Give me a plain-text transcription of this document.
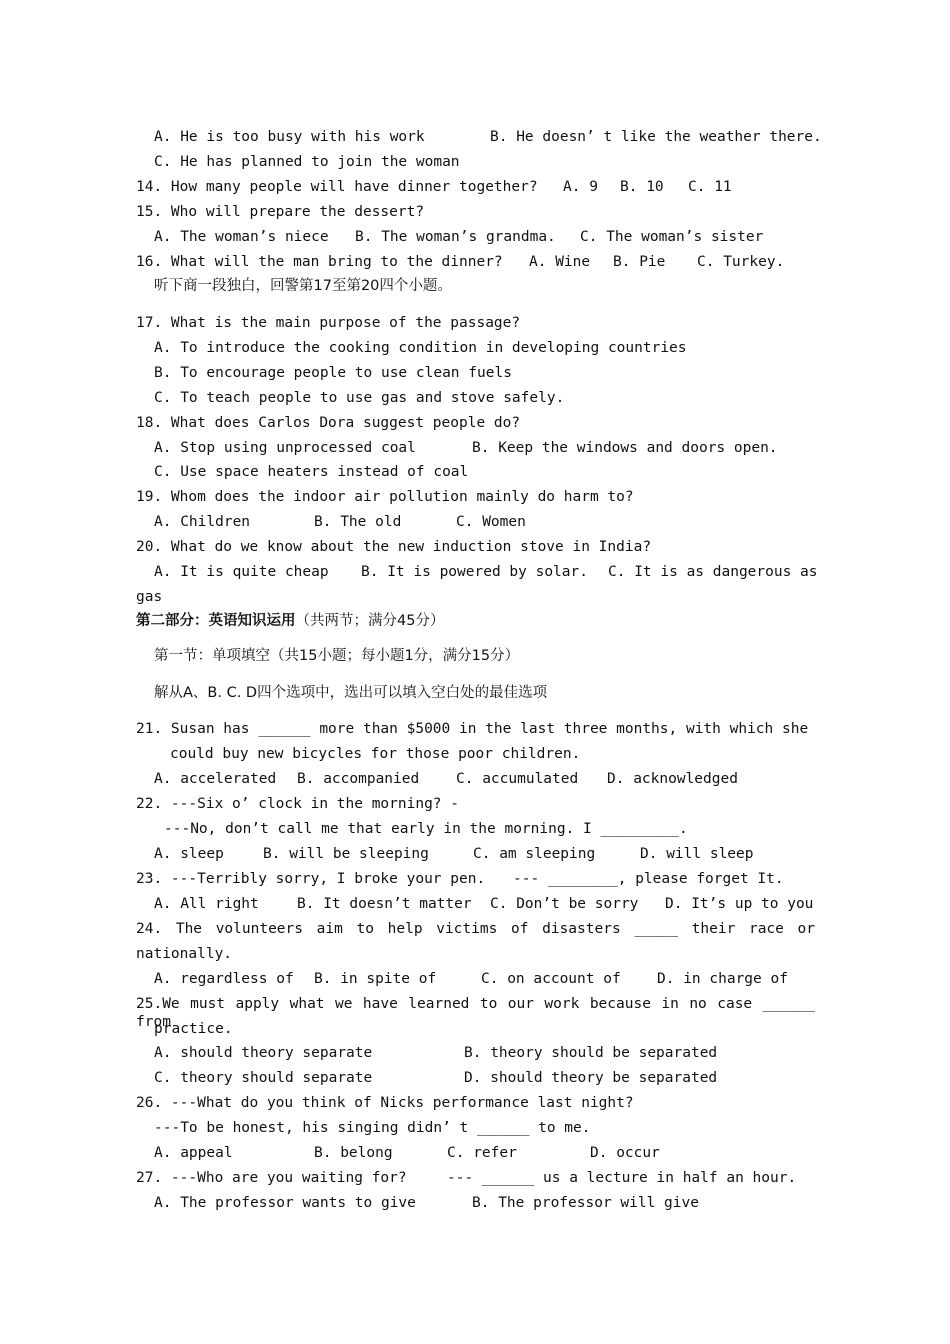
A. He is too busy with his work	B. He doesn’ t like the weather there.
C. He has planned to join the woman
14. How many people will have dinner together? A. 9 B. 10 C. 11
15. Who will prepare the dessert?
A. The woman’s niece B. The woman’s grandma. C. The woman’s sister
16. What will the man bring to the dinner? A. Wine B. Pie C. Turkey.
听下商一段独白，回警第17至第20四个小题。
17. What is the main purpose of the passage?
A. To introduce the cooking condition in developing countries
B. To encourage people to use clean fuels
C. To teach people to use gas and stove safely.
18. What does Carlos Dora suggest people do?
A. Stop using unprocessed coal	B. Keep the windows and doors open.
C. Use space heaters instead of coal
19. Whom does the indoor air pollution mainly do harm to?
A. Children	B. The old	C. Women
20. What do we know about the new induction stove in India?
A. It is quite cheap B. It is powered by solar. C. It is as dangerous as
gas
第二部分：英语知识运用（共两节；满分45分）
第一节：单项填空（共15小题；每小题1分，满分15分）
解从A、B. C. D四个选项中，选出可以填入空白处的最佳选项
21. Susan has ______ more than $5000 in the last three months, with which she
could buy new bicycles for those poor children.
A. accelerated B. accompanied	C. accumulated D. acknowledged
22. ---Six o’ clock in the morning? -
---No, don’t call me that early in the morning. I _________.
A. sleep	B. will be sleeping	C. am sleeping	D. will sleep
23. ---Terribly sorry, I broke your pen. --- ________, please forget It.
A. All right	B. It doesn’t matter C. Don’t be sorry D. It’s up to you
24. The volunteers aim to help victims of disasters _____ their race or
nationally.
A. regardless of B. in spite of	C. on account of	D. in charge of
25.We must apply what we have learned to our work because in no case ______ from
practice.
A. should theory separate	B. theory should be separated
C. theory should separate	D. should theory be separated
26. ---What do you think of Nicks performance last night?
---To be honest, his singing didn’ t ______ to me.
A. appeal	B. belong	C. refer	D. occur
27. ---Who are you waiting for?	--- ______ us a lecture in half an hour.
A. The professor wants to give	B. The professor will give
